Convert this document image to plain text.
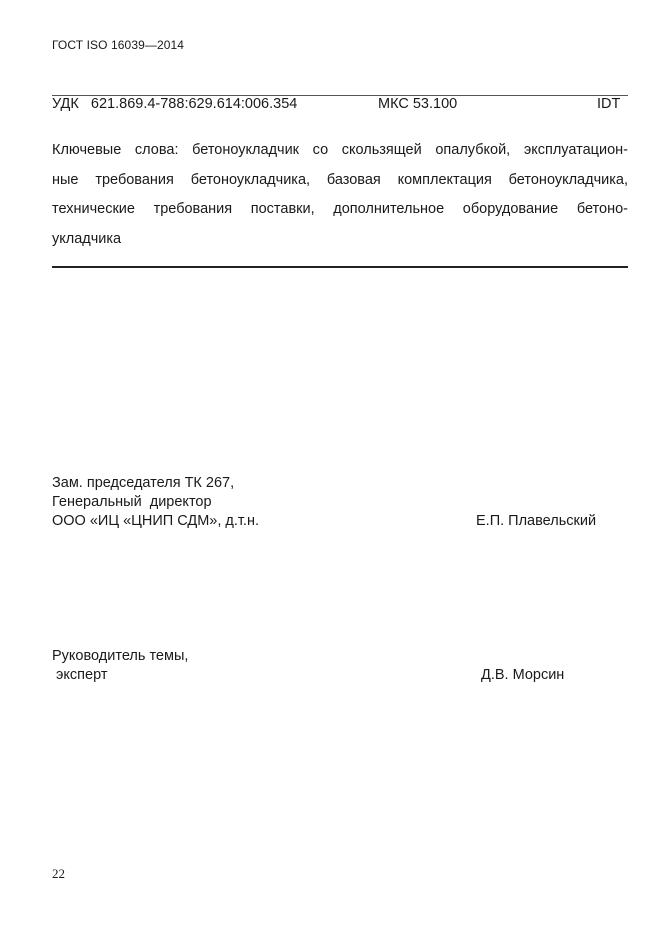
ГОСТ ISO 16039—2014
УДК   621.869.4-788:629.614:006.354	МКС 53.100	IDT
Ключевые слова: бетоноукладчик со скользящей опалубкой, эксплуатацион-
ные требования бетоноукладчика, базовая комплектация бетоноукладчика,
технические требования поставки, дополнительное оборудование бетоно-
укладчика
Зам. председателя ТК 267,
Генеральный  директор
ООО «ИЦ «ЦНИП СДМ», д.т.н.	Е.П. Плавельский
Руководитель темы,
эксперт	Д.В. Морсин
22
